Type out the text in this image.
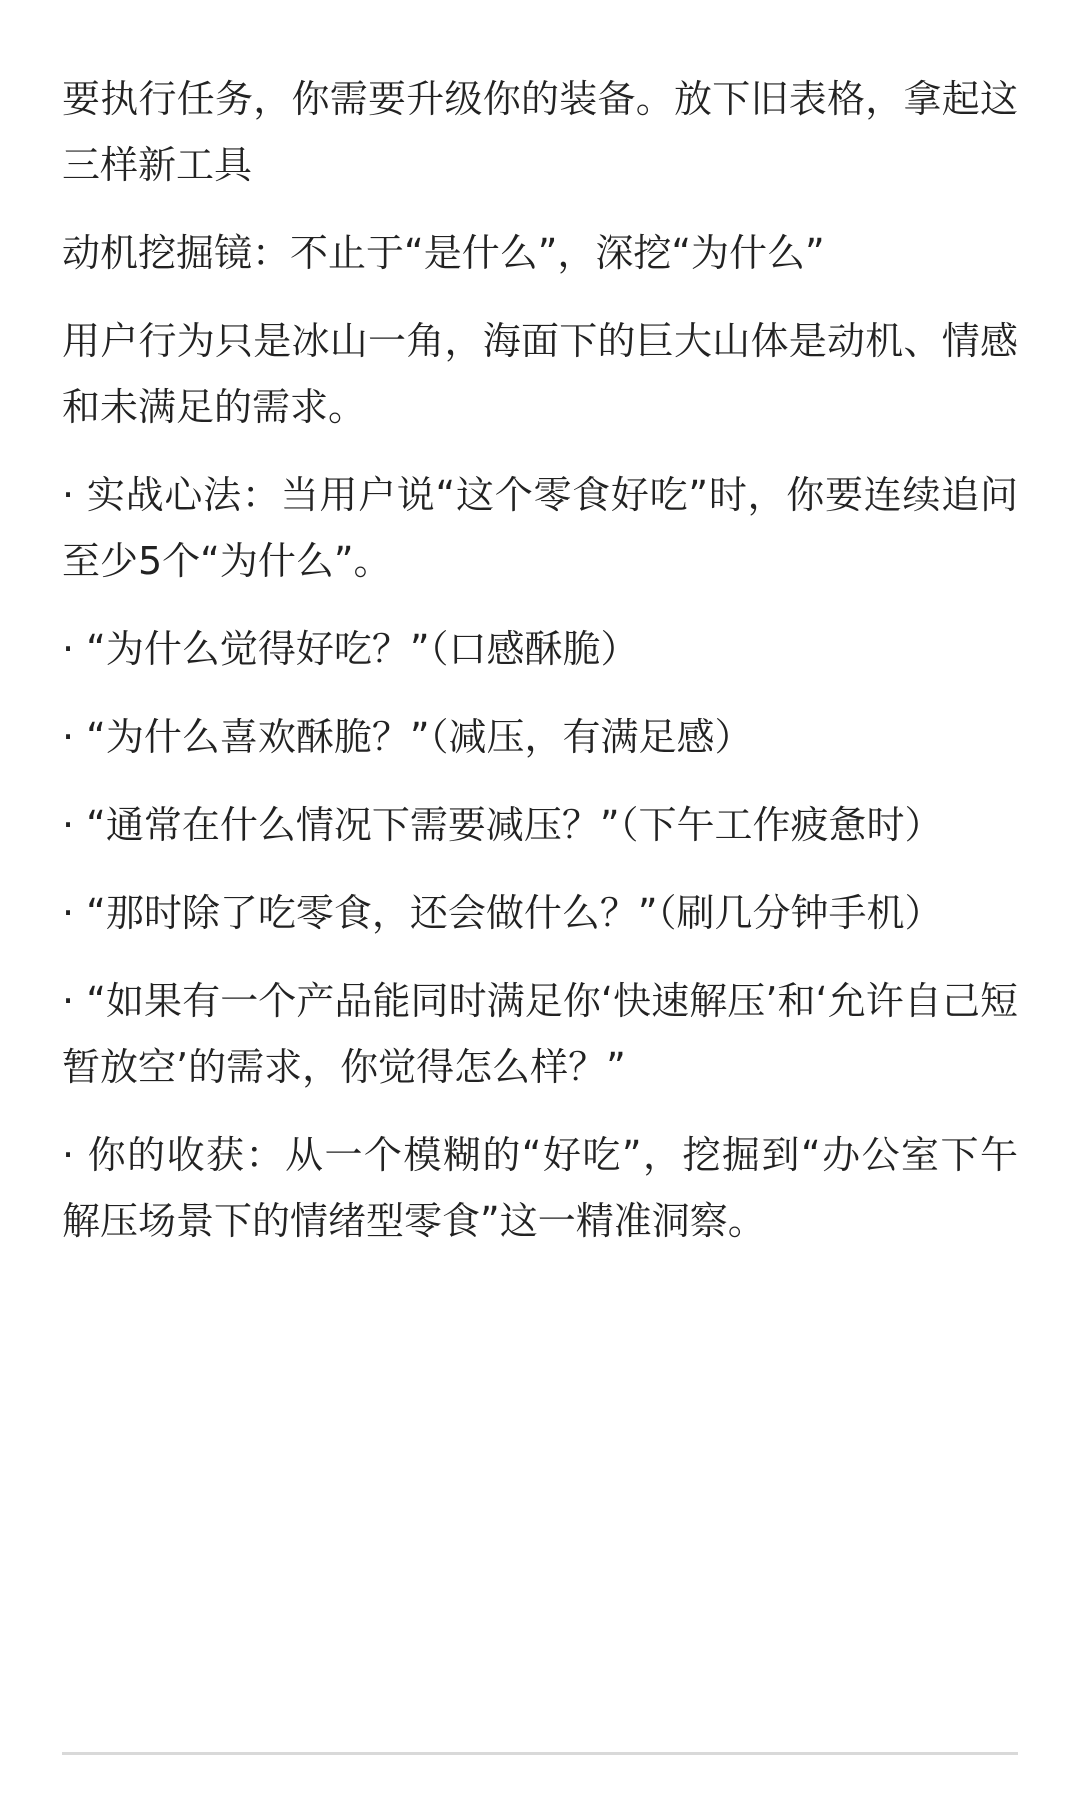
要执行任务，你需要升级你的装备。放下旧表格，拿起这三样新工具

动机挖掘镜：不止于“是什么”，深挖“为什么”

用户行为只是冰山一角，海面下的巨大山体是动机、情感和未满足的需求。

· 实战心法：当用户说“这个零食好吃”时，你要连续追问至少5个“为什么”。

· “为什么觉得好吃？”（口感酥脆）

· “为什么喜欢酥脆？”（减压，有满足感）

· “通常在什么情况下需要减压？”（下午工作疲惫时）

· “那时除了吃零食，还会做什么？”（刷几分钟手机）

· “如果有一个产品能同时满足你‘快速解压’和‘允许自己短暂放空’的需求，你觉得怎么样？”

· 你的收获：从一个模糊的“好吃”，挖掘到“办公室下午解压场景下的情绪型零食”这一精准洞察。
